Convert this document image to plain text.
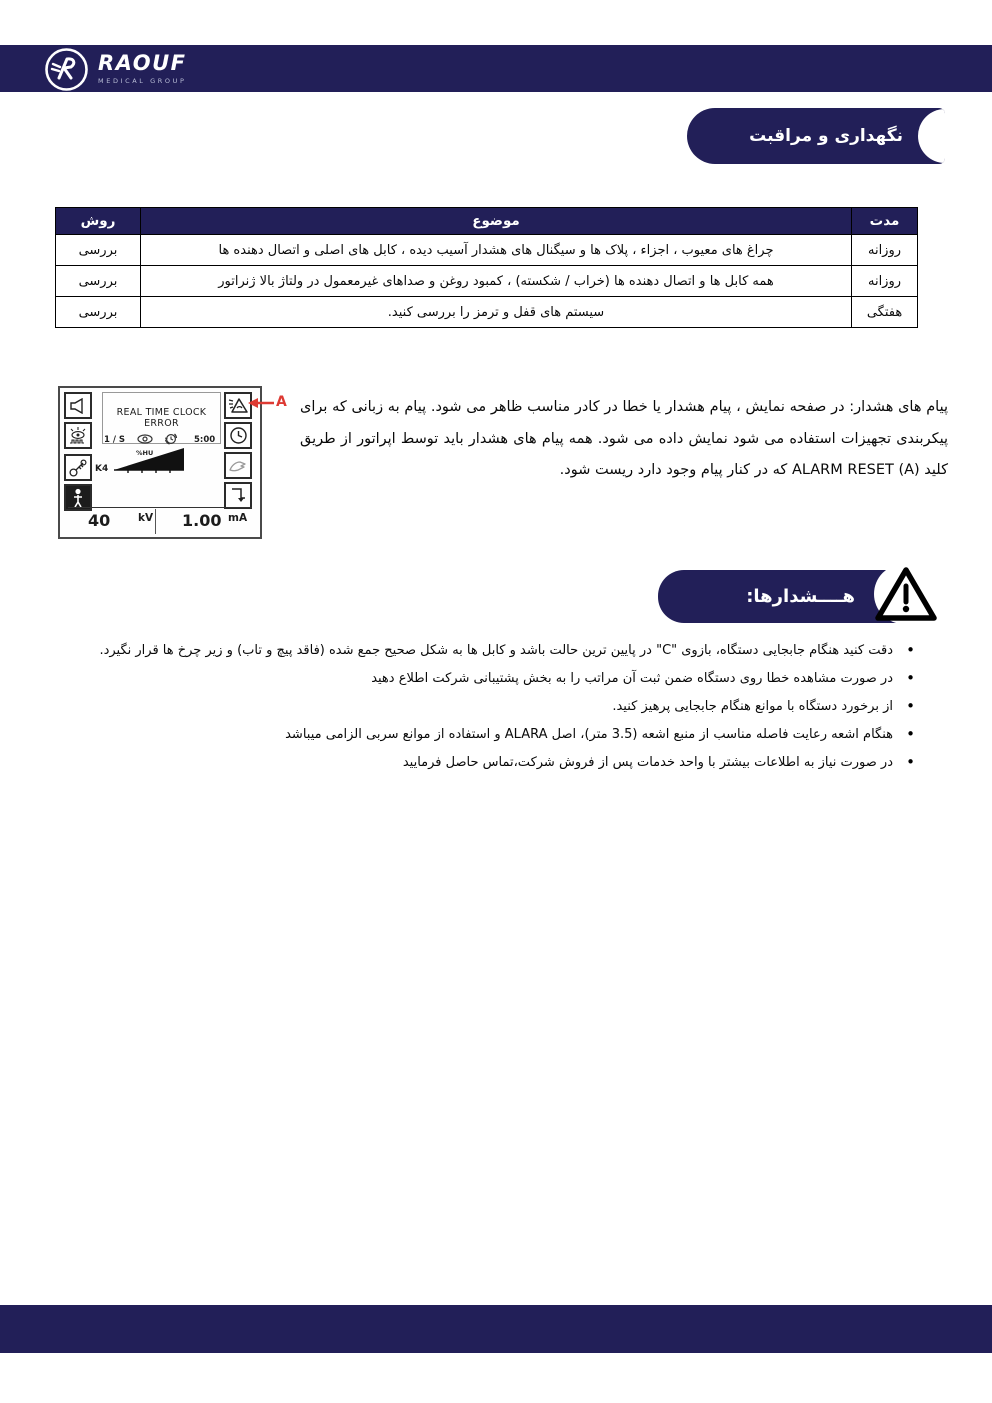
RAOUF
MEDICAL GROUP
نگهداری و مراقبت
مدت	موضوع	روش
روزانه	چراغ های معیوب ، اجزاء ، پلاک ها و سیگنال های هشدار آسیب دیده ، کابل های اصلی و اتصال دهنده ها	بررسی
روزانه	همه کابل ها و اتصال دهنده ها (خراب / شکسته) ، کمبود روغن و صداهای غیرمعمول در ولتاژ بالا ژنراتور	بررسی
هفتگی	سیستم های قفل و ترمز را بررسی کنید.	بررسی
REAL TIME CLOCK ERROR
1 / S	5:00
K4
%HU
40	kV 1.00 mA
A پیام های هشدار: در صفحه نمایش ، پیام هشدار یا خطا در کادر مناسب ظاهر می شود. پیام به زبانی که برای پیکربندی تجهیزات استفاده می شود نمایش داده می شود. همه پیام های هشدار باید توسط اپراتور از طریق کلید ALARM RESET (A) که در کنار پیام وجود دارد ریست شود.
هــــشدارها:
•
دقت کنید هنگام جابجایی دستگاه، بازوی "C" در پایین ترین حالت باشد و کابل ها به شکل صحیح جمع شده (فاقد پیچ و تاب) و زیر چرخ ها قرار نگیرد.
•
در صورت مشاهده خطا روی دستگاه ضمن ثبت آن مراتب را به بخش پشتیبانی شرکت اطلاع دهید
•
از برخورد دستگاه با موانع هنگام جابجایی پرهیز کنید.
•
هنگام اشعه رعایت فاصله مناسب از منبع اشعه (3.5 متر)، اصل ALARA و استفاده از موانع سربی الزامی میباشد
•
در صورت نیاز به اطلاعات بیشتر با واحد خدمات پس از فروش شرکت،تماس حاصل فرمایید
